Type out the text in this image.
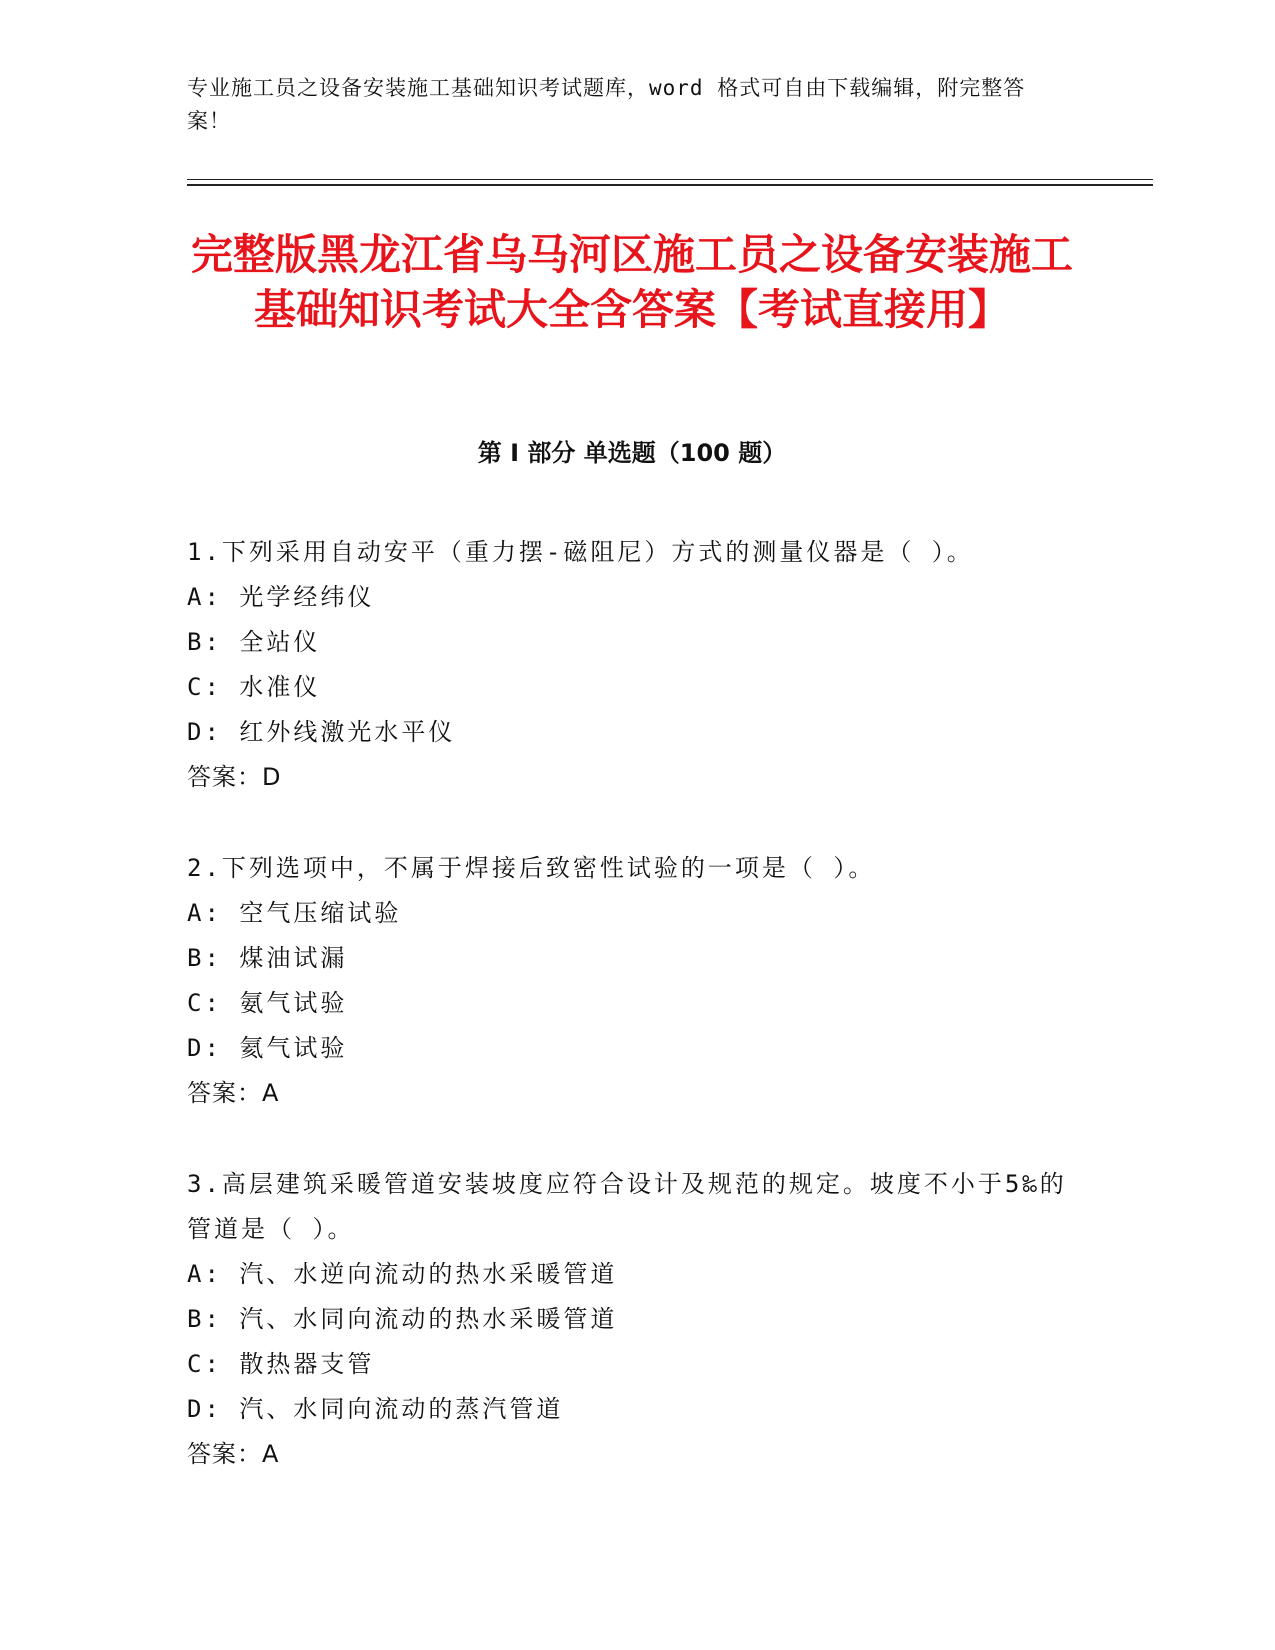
专业施工员之设备安装施工基础知识考试题库，word 格式可自由下载编辑，附完整答案！
完整版黑龙江省乌马河区施工员之设备安装施工基础知识考试大全含答案【考试直接用】
第 I 部分 单选题（100 题）
1.下列采用自动安平（重力摆-磁阻尼）方式的测量仪器是（ ）。
A: 光学经纬仪
B: 全站仪
C: 水准仪
D: 红外线激光水平仪
答案：D
2.下列选项中，不属于焊接后致密性试验的一项是（ ）。
A: 空气压缩试验
B: 煤油试漏
C: 氨气试验
D: 氦气试验
答案：A
3.高层建筑采暖管道安装坡度应符合设计及规范的规定。坡度不小于5‰的管道是（ ）。
A: 汽、水逆向流动的热水采暖管道
B: 汽、水同向流动的热水采暖管道
C: 散热器支管
D: 汽、水同向流动的蒸汽管道
答案：A
